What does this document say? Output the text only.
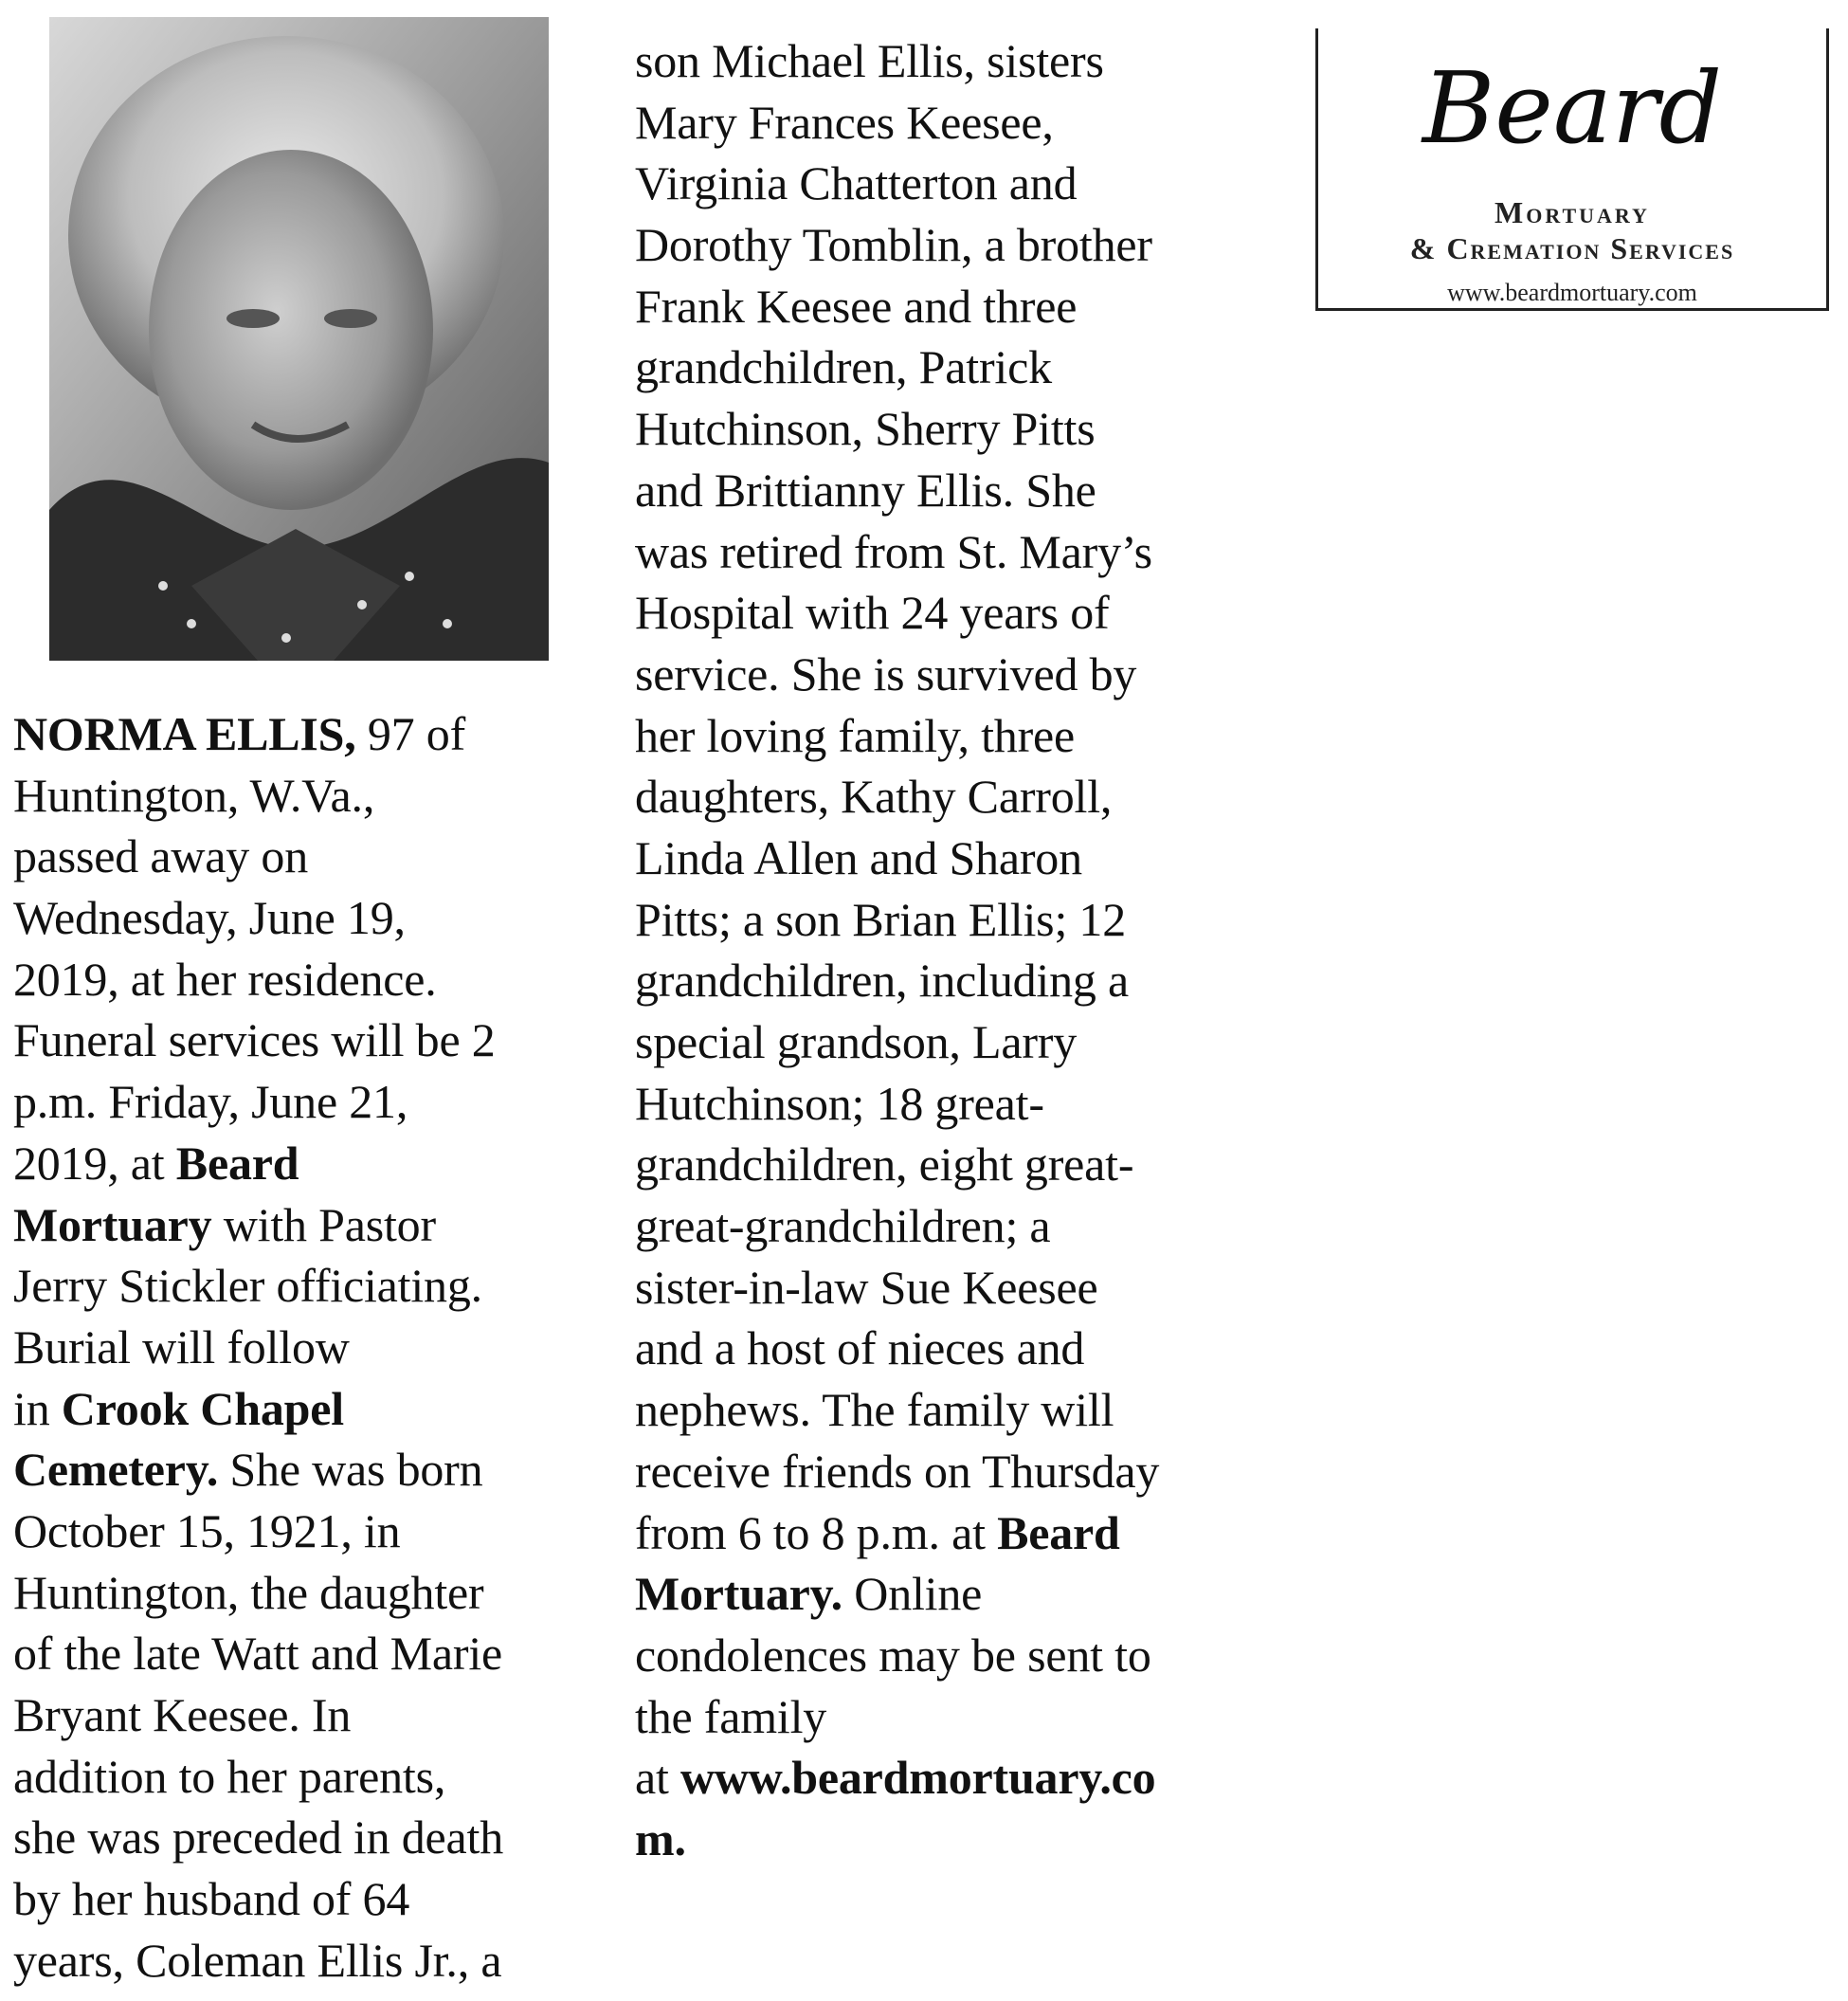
NORMA ELLIS, 97 of
Huntington, W.Va.,
passed away on
Wednesday, June 19,
2019, at her residence.
Funeral services will be 2
p.m. Friday, June 21,
2019, at Beard
Mortuary with Pastor
Jerry Stickler officiating.
Burial will follow
in Crook Chapel
Cemetery. She was born
October 15, 1921, in
Huntington, the daughter
of the late Watt and Marie
Bryant Keesee. In
addition to her parents,
she was preceded in death
by her husband of 64
years, Coleman Ellis Jr., a
son Michael Ellis, sisters
Mary Frances Keesee,
Virginia Chatterton and
Dorothy Tomblin, a brother
Frank Keesee and three
grandchildren, Patrick
Hutchinson, Sherry Pitts
and Brittianny Ellis. She
was retired from St. Mary’s
Hospital with 24 years of
service. She is survived by
her loving family, three
daughters, Kathy Carroll,
Linda Allen and Sharon
Pitts; a son Brian Ellis; 12
grandchildren, including a
special grandson, Larry
Hutchinson; 18 great-
grandchildren, eight great-
great-grandchildren; a
sister-in-law Sue Keesee
and a host of nieces and
nephews. The family will
receive friends on Thursday
from 6 to 8 p.m. at Beard
Mortuary. Online
condolences may be sent to
the family
at www.beardmortuary.co
m.
Beard
Mortuary
& Cremation Services
www.beardmortuary.com
